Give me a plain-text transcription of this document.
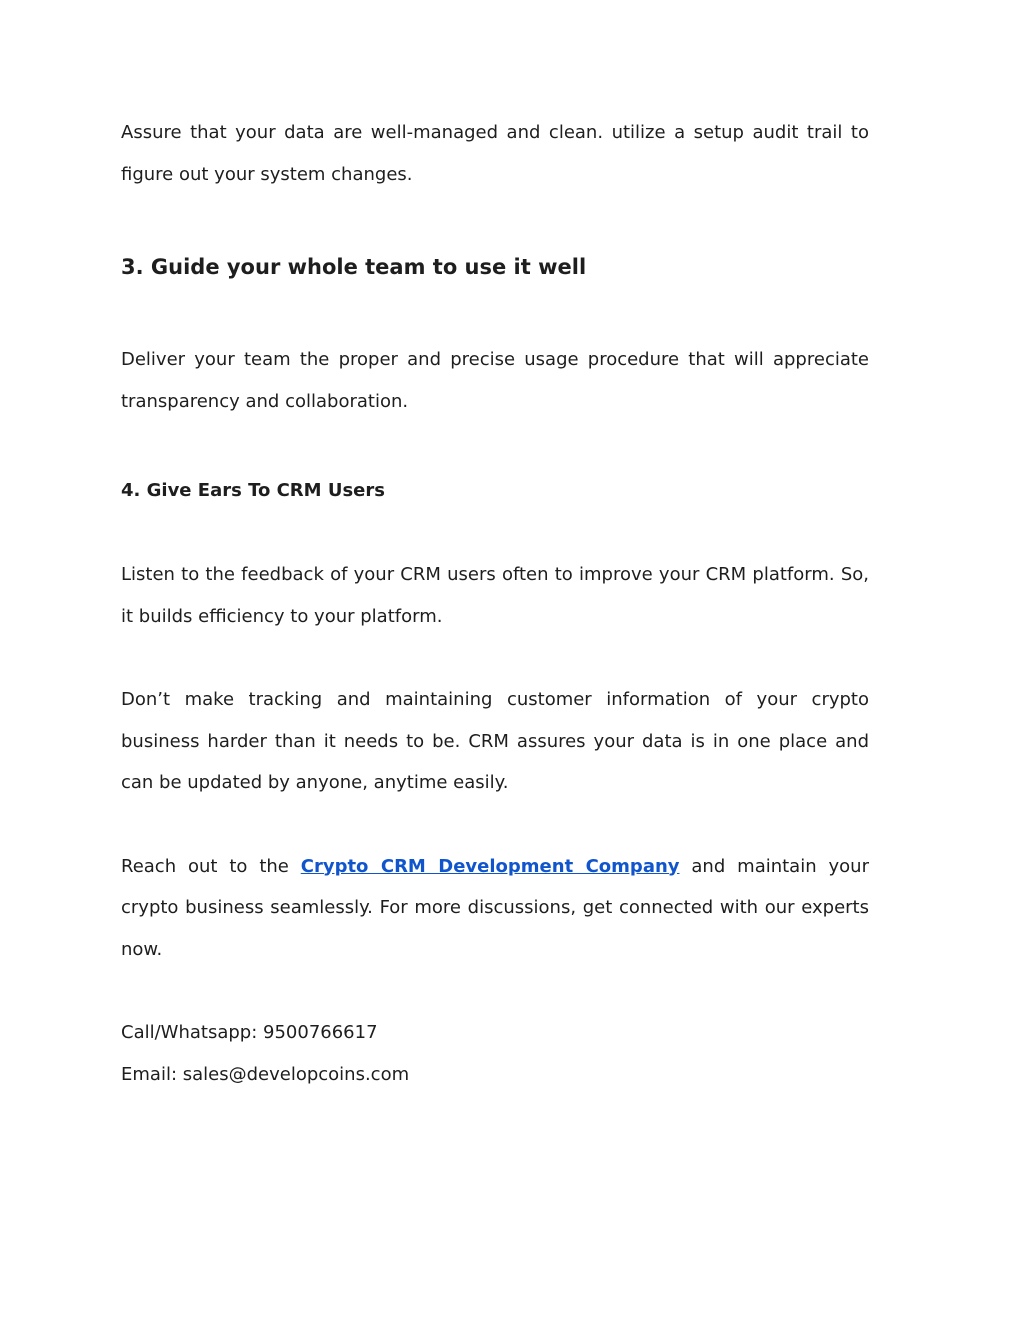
Assure that your data are well-managed and clean. utilize a setup audit trail to figure out your system changes.

3. Guide your whole team to use it well

Deliver your team the proper and precise usage procedure that will appreciate transparency and collaboration.

4. Give Ears To CRM Users

Listen to the feedback of your CRM users often to improve your CRM platform. So, it builds efficiency to your platform.

Don’t make tracking and maintaining customer information of your crypto business harder than it needs to be. CRM assures your data is in one place and can be updated by anyone, anytime easily.

Reach out to the Crypto CRM Development Company and maintain your crypto business seamlessly. For more discussions, get connected with our experts now.

Call/Whatsapp: 9500766617

Email: sales@developcoins.com
